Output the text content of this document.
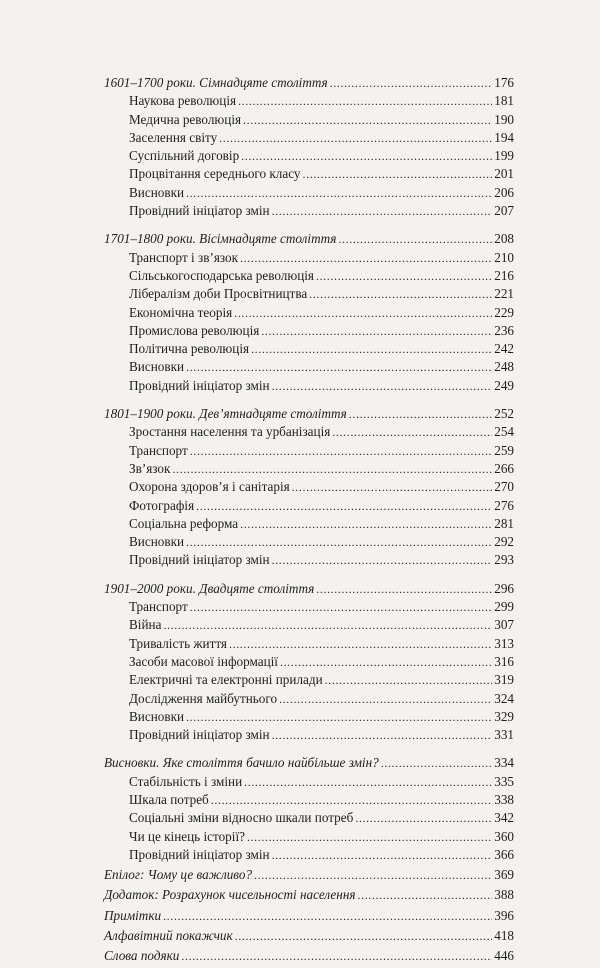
1601–1700 роки. Сімнадцяте століття . . .	176
Наукова революція . . .	181
Медична революція . . .	190
Заселення світу . . .	194
Суспільний договір . . .	199
Процвітання середнього класу . . .	201
Висновки . . .	206
Провідний ініціатор змін . . .	207
1701–1800 роки. Вісімнадцяте століття . . .	208
Транспорт і зв’язок . . .	210
Сільськогосподарська революція . . .	216
Лібералізм доби Просвітництва . . .	221
Економічна теорія . . .	229
Промислова революція . . .	236
Політична революція . . .	242
Висновки . . .	248
Провідний ініціатор змін . . .	249
1801–1900 роки. Дев’ятнадцяте століття . . .	252
Зростання населення та урбанізація . . .	254
Транспорт . . .	259
Зв’язок . . .	266
Охорона здоров’я і санітарія . . .	270
Фотографія . . .	276
Соціальна реформа . . .	281
Висновки . . .	292
Провідний ініціатор змін . . .	293
1901–2000 роки. Двадцяте століття . . .	296
Транспорт . . .	299
Війна . . .	307
Тривалість життя . . .	313
Засоби масової інформації . . .	316
Електричні та електронні прилади . . .	319
Дослідження майбутнього . . .	324
Висновки . . .	329
Провідний ініціатор змін . . .	331
Висновки. Яке століття бачило найбільше змін? . . .	334
Стабільність і зміни . . .	335
Шкала потреб . . .	338
Соціальні зміни відносно шкали потреб . . .	342
Чи це кінець історії? . . .	360
Провідний ініціатор змін . . .	366
Епілог: Чому це важливо? . . .	369
Додаток: Розрахунок чисельності населення . . .	388
Примітки . . .	396
Алфавітний покажчик . . .	418
Слова подяки . . .	446
